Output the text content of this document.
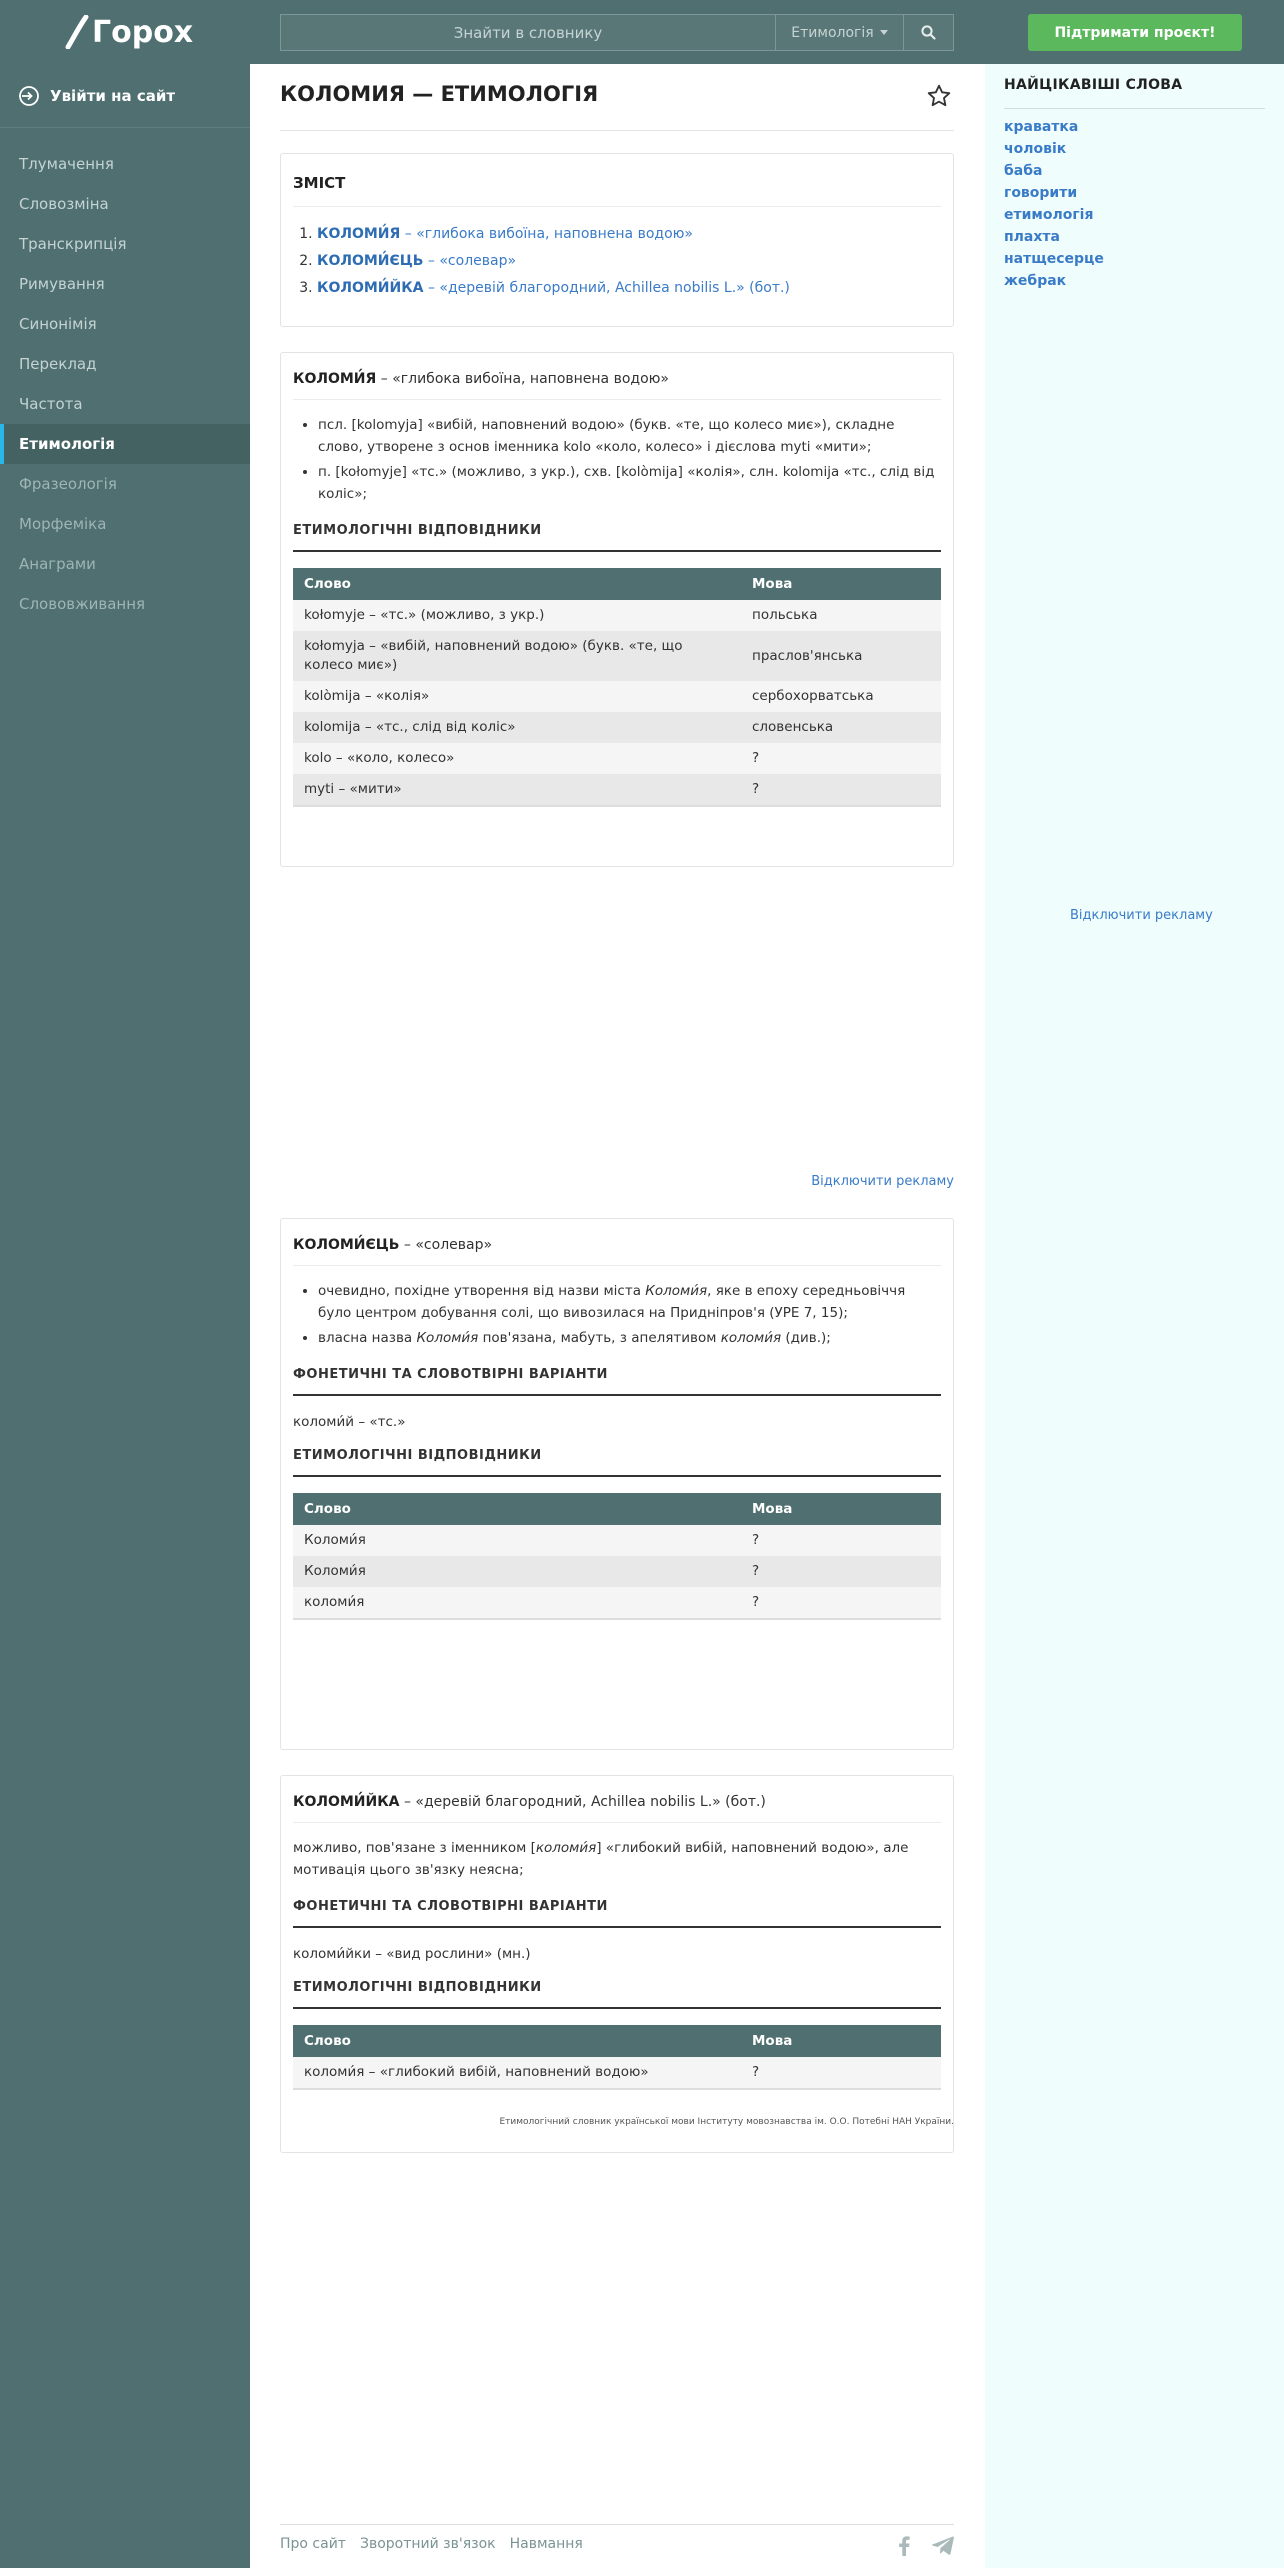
Горох
Знайти в словнику	Етимологія	Підтримати проєкт!
Увійти на сайт
Тлумачення
Словозміна
Транскрипція
Римування
Синонімія
Переклад
Частота
Етимологія
Фразеологія
Морфеміка
Анаграми
Слововживання
НАЙЦІКАВІШІ СЛОВА
краватка
чоловік
баба
говорити
етимологія
плахта
натщесерце
жебрак
Відключити рекламу
КОЛОМИЯ — ЕТИМОЛОГІЯ
ЗМІСТ
1. КОЛОМИ́Я – «глибока вибоїна, наповнена водою»
2. КОЛОМИ́ЄЦЬ – «солевар»
3. КОЛОМИ́ЙКА – «деревій благородний, Achillea nobilis L.» (бот.)
КОЛОМИ́Я – «глибока вибоїна, наповнена водою»
• псл. [kolomyja] «вибій, наповнений водою» (букв. «те, що колесо миє»), складне слово, утворене з основ іменника kolo «коло, колесо» і дієслова myti «мити»;
• п. [kołomyje] «тс.» (можливо, з укр.), схв. [kolòmija] «колія», слн. kolomija «тс., слід від коліс»;
ЕТИМОЛОГІЧНІ ВІДПОВІДНИКИ
Слово	Мова
kołomyje – «тс.» (можливо, з укр.)	польська
kołomyja – «вибій, наповнений водою» (букв. «те, що колесо миє»)	праслов'янська
kolòmija – «колія»	сербохорватська
kolomija – «тс., слід від коліс»	словенська
kolo – «коло, колесо»	?
myti – «мити»	?
Відключити рекламу
КОЛОМИ́ЄЦЬ – «солевар»
• очевидно, похідне утворення від назви міста Коломи́я, яке в епоху середньовіччя було центром добування солі, що вивозилася на Придніпров'я (УРЕ 7, 15);
• власна назва Коломи́я пов'язана, мабуть, з апелятивом коломи́я (див.);
ФОНЕТИЧНІ ТА СЛОВОТВІРНІ ВАРІАНТИ
коломи́й – «тс.»
ЕТИМОЛОГІЧНІ ВІДПОВІДНИКИ
Слово	Мова
Коломи́я	?
Коломи́я	?
коломи́я	?
КОЛОМИ́ЙКА – «деревій благородний, Achillea nobilis L.» (бот.)
можливо, пов'язане з іменником [коломи́я] «глибокий вибій, наповнений водою», але мотивація цього зв'язку неясна;
ФОНЕТИЧНІ ТА СЛОВОТВІРНІ ВАРІАНТИ
коломи́йки – «вид рослини» (мн.)
ЕТИМОЛОГІЧНІ ВІДПОВІДНИКИ
Слово	Мова
коломи́я – «глибокий вибій, наповнений водою»	?
Етимологічний словник української мови Інституту мовознавства ім. О.О. Потебні НАН України.
Про сайт Зворотний зв'язок Навмання
